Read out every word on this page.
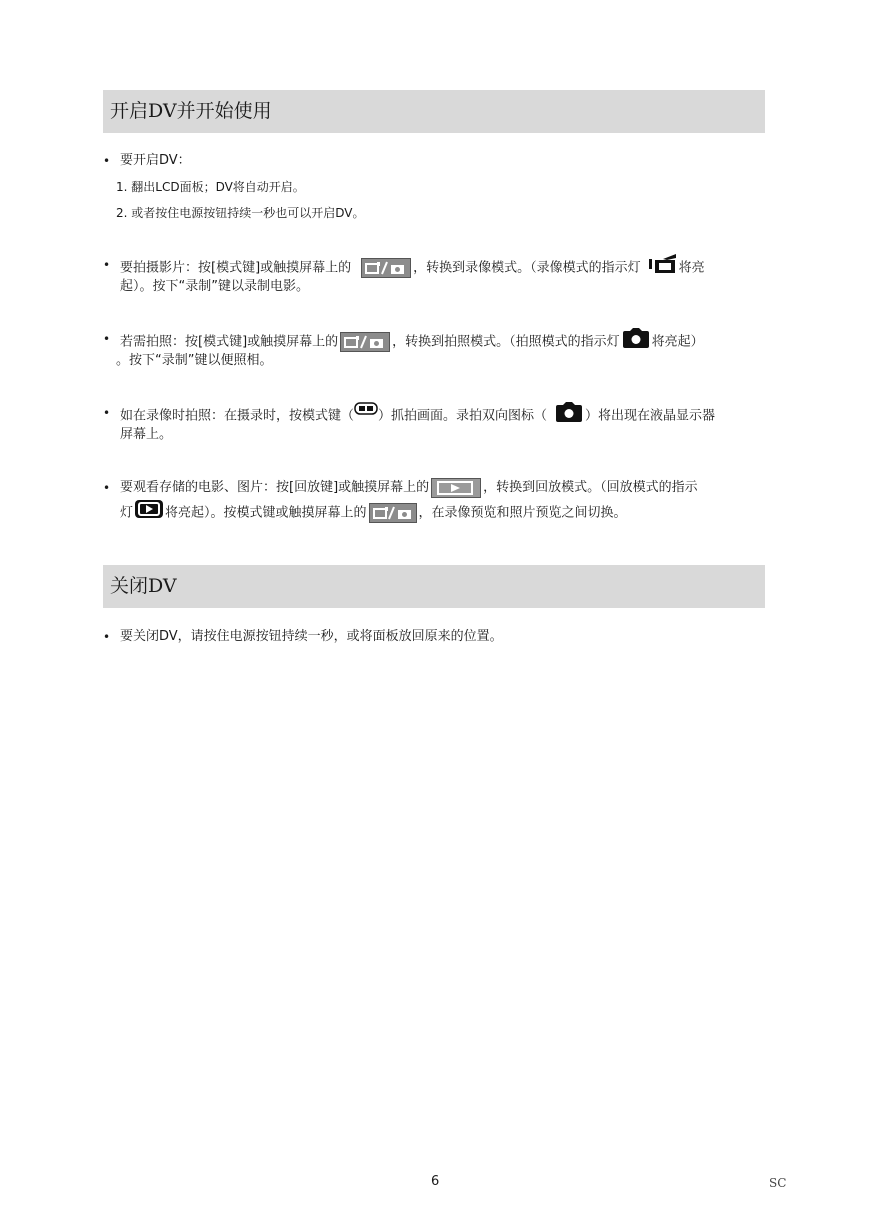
开启DV并开始使用
• 要开启DV：
1. 翻出LCD面板；DV将自动开启。
2. 或者按住电源按钮持续一秒也可以开启DV。
• 要拍摄影片：按[模式键]或触摸屏幕上的	，转换到录像模式。（录像模式的指示灯	将亮
起）。按下“录制”键以录制电影。
• 若需拍照：按[模式键]或触摸屏幕上的	，转换到拍照模式。（拍照模式的指示灯 将亮起）
。按下“录制”键以便照相。
• 如在录像时拍照：在摄录时，按模式键（ ）抓拍画面。录拍双向图标（	）将出现在液晶显示器
屏幕上。
• 要观看存储的电影、图片：按[回放键]或触摸屏幕上的	，转换到回放模式。（回放模式的指示
灯 将亮起）。按模式键或触摸屏幕上的	，在录像预览和照片预览之间切换。
关闭DV
• 要关闭DV，请按住电源按钮持续一秒，或将面板放回原来的位置。
6	SC
